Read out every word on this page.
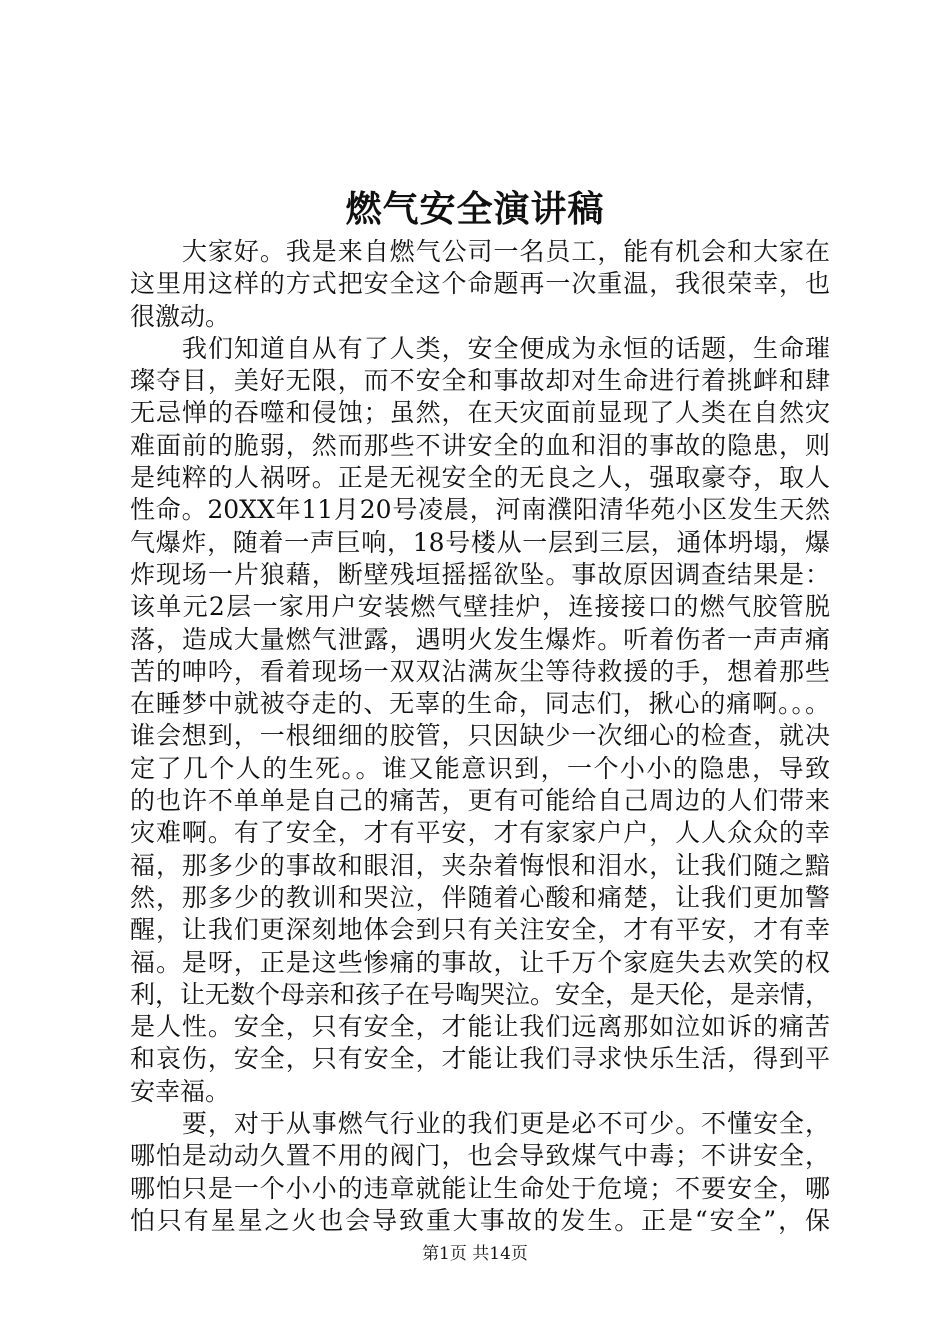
燃气安全演讲稿
大家好。我是来自燃气公司一名员工，能有机会和大家在
这里用这样的方式把安全这个命题再一次重温，我很荣幸，也
很激动。
我们知道自从有了人类，安全便成为永恒的话题，生命璀
璨夺目，美好无限，而不安全和事故却对生命进行着挑衅和肆
无忌惮的吞噬和侵蚀；虽然，在天灾面前显现了人类在自然灾
难面前的脆弱，然而那些不讲安全的血和泪的事故的隐患，则
是纯粹的人祸呀。正是无视安全的无良之人，强取豪夺，取人
性命。20XX年11月20号凌晨，河南濮阳清华苑小区发生天然
气爆炸，随着一声巨响，18号楼从一层到三层，通体坍塌，爆
炸现场一片狼藉，断壁残垣摇摇欲坠。事故原因调查结果是：
该单元2层一家用户安装燃气壁挂炉，连接接口的燃气胶管脱
落，造成大量燃气泄露，遇明火发生爆炸。听着伤者一声声痛
苦的呻吟，看着现场一双双沾满灰尘等待救援的手，想着那些
在睡梦中就被夺走的、无辜的生命，同志们，揪心的痛啊。。。
谁会想到，一根细细的胶管，只因缺少一次细心的检查，就决
定了几个人的生死。。谁又能意识到，一个小小的隐患，导致
的也许不单单是自己的痛苦，更有可能给自己周边的人们带来
灾难啊。有了安全，才有平安，才有家家户户，人人众众的幸
福，那多少的事故和眼泪，夹杂着悔恨和泪水，让我们随之黯
然，那多少的教训和哭泣，伴随着心酸和痛楚，让我们更加警
醒，让我们更深刻地体会到只有关注安全，才有平安，才有幸
福。是呀，正是这些惨痛的事故，让千万个家庭失去欢笑的权
利，让无数个母亲和孩子在号啕哭泣。安全，是天伦，是亲情，
是人性。安全，只有安全，才能让我们远离那如泣如诉的痛苦
和哀伤，安全，只有安全，才能让我们寻求快乐生活，得到平
安幸福。
要，对于从事燃气行业的我们更是必不可少。不懂安全，
哪怕是动动久置不用的阀门，也会导致煤气中毒；不讲安全，
哪怕只是一个小小的违章就能让生命处于危境；不要安全，哪
怕只有星星之火也会导致重大事故的发生。正是“安全”，保
第1页 共14页
